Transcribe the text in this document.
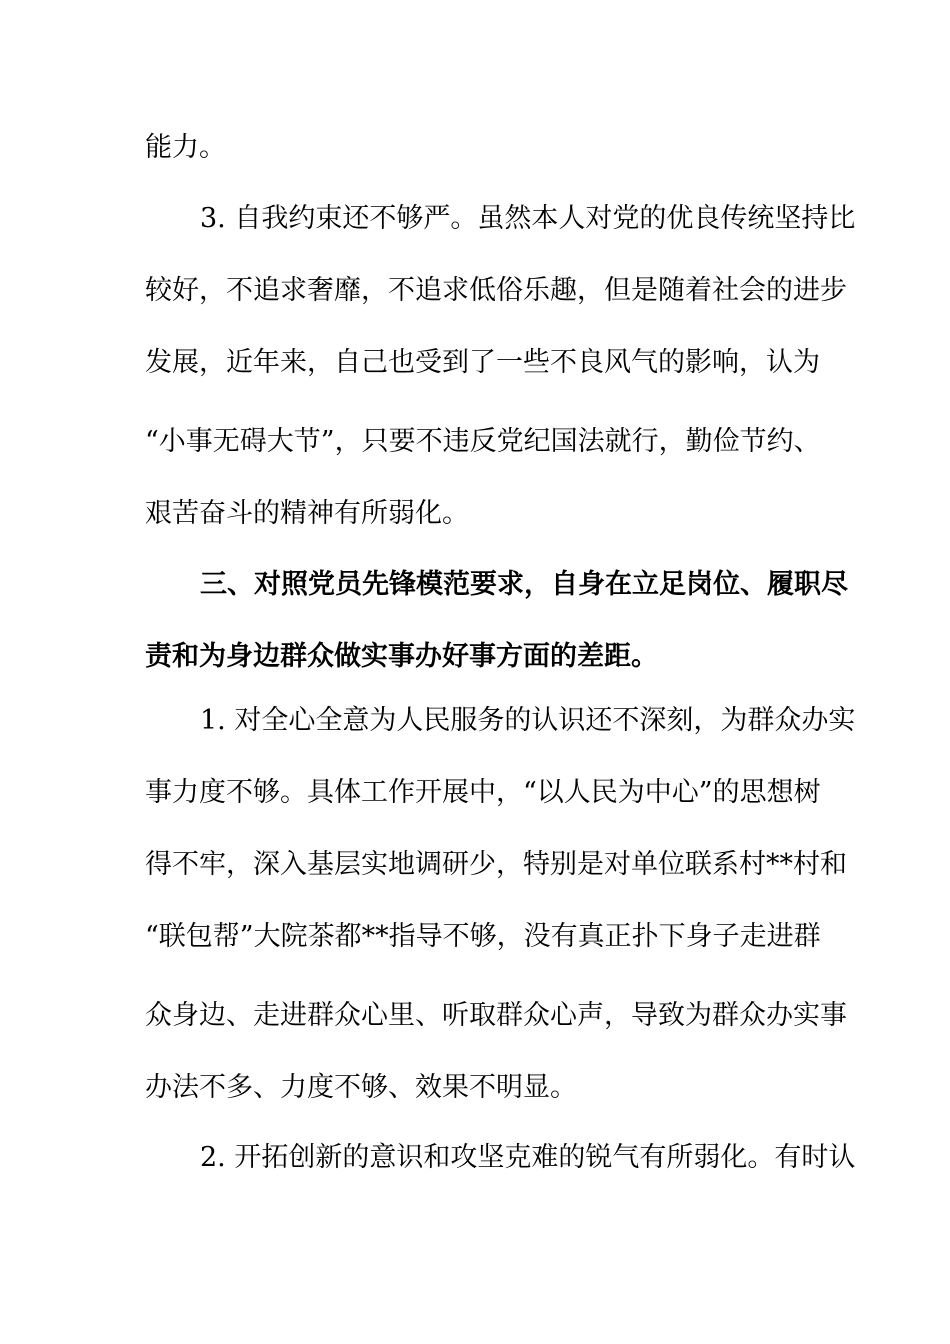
能力。
3. 自我约束还不够严。虽然本人对党的优良传统坚持比
较好，不追求奢靡，不追求低俗乐趣，但是随着社会的进步
发展，近年来，自己也受到了一些不良风气的影响，认为
“小事无碍大节”，只要不违反党纪国法就行，勤俭节约、
艰苦奋斗的精神有所弱化。
三、对照党员先锋模范要求，自身在立足岗位、履职尽
责和为身边群众做实事办好事方面的差距。
1. 对全心全意为人民服务的认识还不深刻，为群众办实
事力度不够。具体工作开展中，“以人民为中心”的思想树
得不牢，深入基层实地调研少，特别是对单位联系村**村和
“联包帮”大院茶都**指导不够，没有真正扑下身子走进群
众身边、走进群众心里、听取群众心声，导致为群众办实事
办法不多、力度不够、效果不明显。
2. 开拓创新的意识和攻坚克难的锐气有所弱化。有时认
